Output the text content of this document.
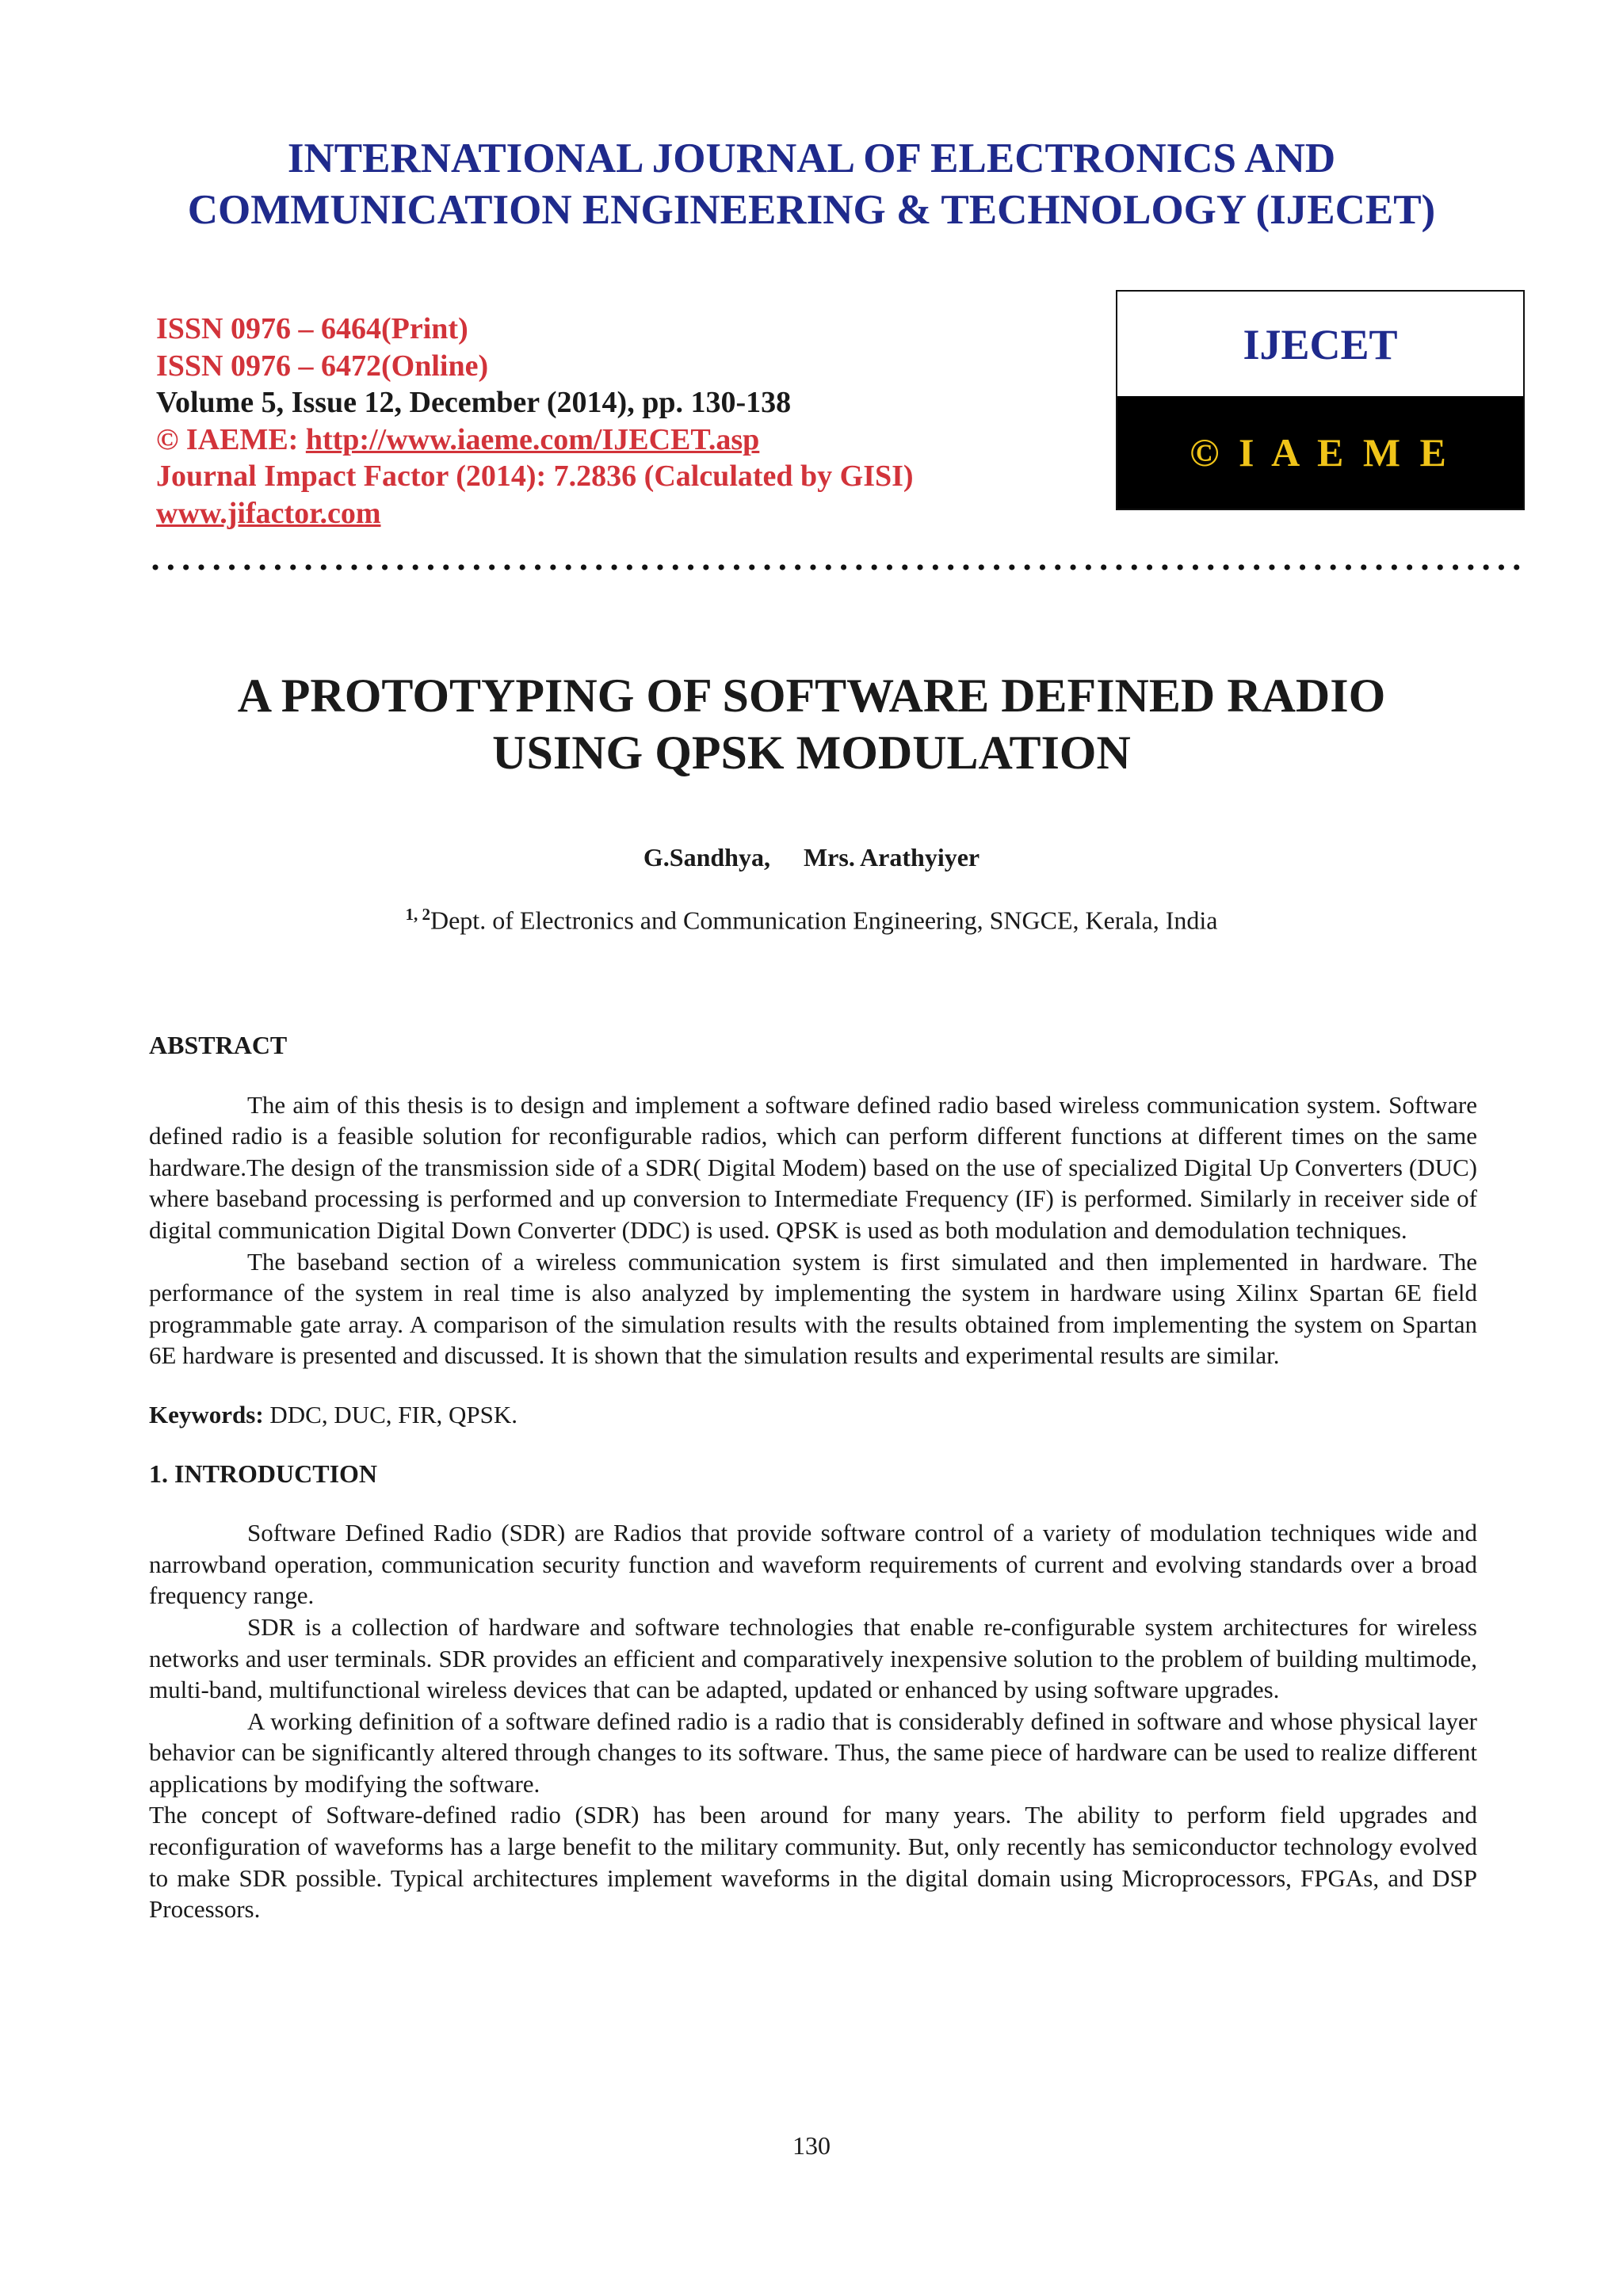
INTERNATIONAL JOURNAL OF ELECTRONICS AND
COMMUNICATION ENGINEERING & TECHNOLOGY (IJECET)
ISSN 0976 – 6464(Print)
ISSN 0976 – 6472(Online)
Volume 5, Issue 12, December (2014), pp. 130-138
© IAEME: http://www.iaeme.com/IJECET.asp
Journal Impact Factor (2014): 7.2836 (Calculated by GISI)
www.jifactor.com
IJECET
© I A E M E
A PROTOTYPING OF SOFTWARE DEFINED RADIO
USING QPSK MODULATION
G.Sandhya, Mrs. Arathyiyer
$^{1, 2}$Dept. of Electronics and Communication Engineering, SNGCE, Kerala, India
ABSTRACT

The aim of this thesis is to design and implement a software defined radio based wireless communication system. Software defined radio is a feasible solution for reconfigurable radios, which can perform different functions at different times on the same hardware.The design of the transmission side of a SDR( Digital Modem) based on the use of specialized Digital Up Converters (DUC) where baseband processing is performed and up conversion to Intermediate Frequency (IF) is performed. Similarly in receiver side of digital communication Digital Down Converter (DDC) is used. QPSK is used as both modulation and demodulation techniques.

The baseband section of a wireless communication system is first simulated and then implemented in hardware. The performance of the system in real time is also analyzed by implementing the system in hardware using Xilinx Spartan 6E field programmable gate array. A comparison of the simulation results with the results obtained from implementing the system on Spartan 6E hardware is presented and discussed. It is shown that the simulation results and experimental results are similar.

Keywords: DDC, DUC, FIR, QPSK.

1. INTRODUCTION

Software Defined Radio (SDR) are Radios that provide software control of a variety of modulation techniques wide and narrowband operation, communication security function and waveform requirements of current and evolving standards over a broad frequency range.

SDR is a collection of hardware and software technologies that enable re-configurable system architectures for wireless networks and user terminals. SDR provides an efficient and comparatively inexpensive solution to the problem of building multimode, multi-band, multifunctional wireless devices that can be adapted, updated or enhanced by using software upgrades.

A working definition of a software defined radio is a radio that is considerably defined in software and whose physical layer behavior can be significantly altered through changes to its software. Thus, the same piece of hardware can be used to realize different applications by modifying the software.

The concept of Software-defined radio (SDR) has been around for many years. The ability to perform field upgrades and reconfiguration of waveforms has a large benefit to the military community. But, only recently has semiconductor technology evolved to make SDR possible. Typical architectures implement waveforms in the digital domain using Microprocessors, FPGAs, and DSP Processors.

130
